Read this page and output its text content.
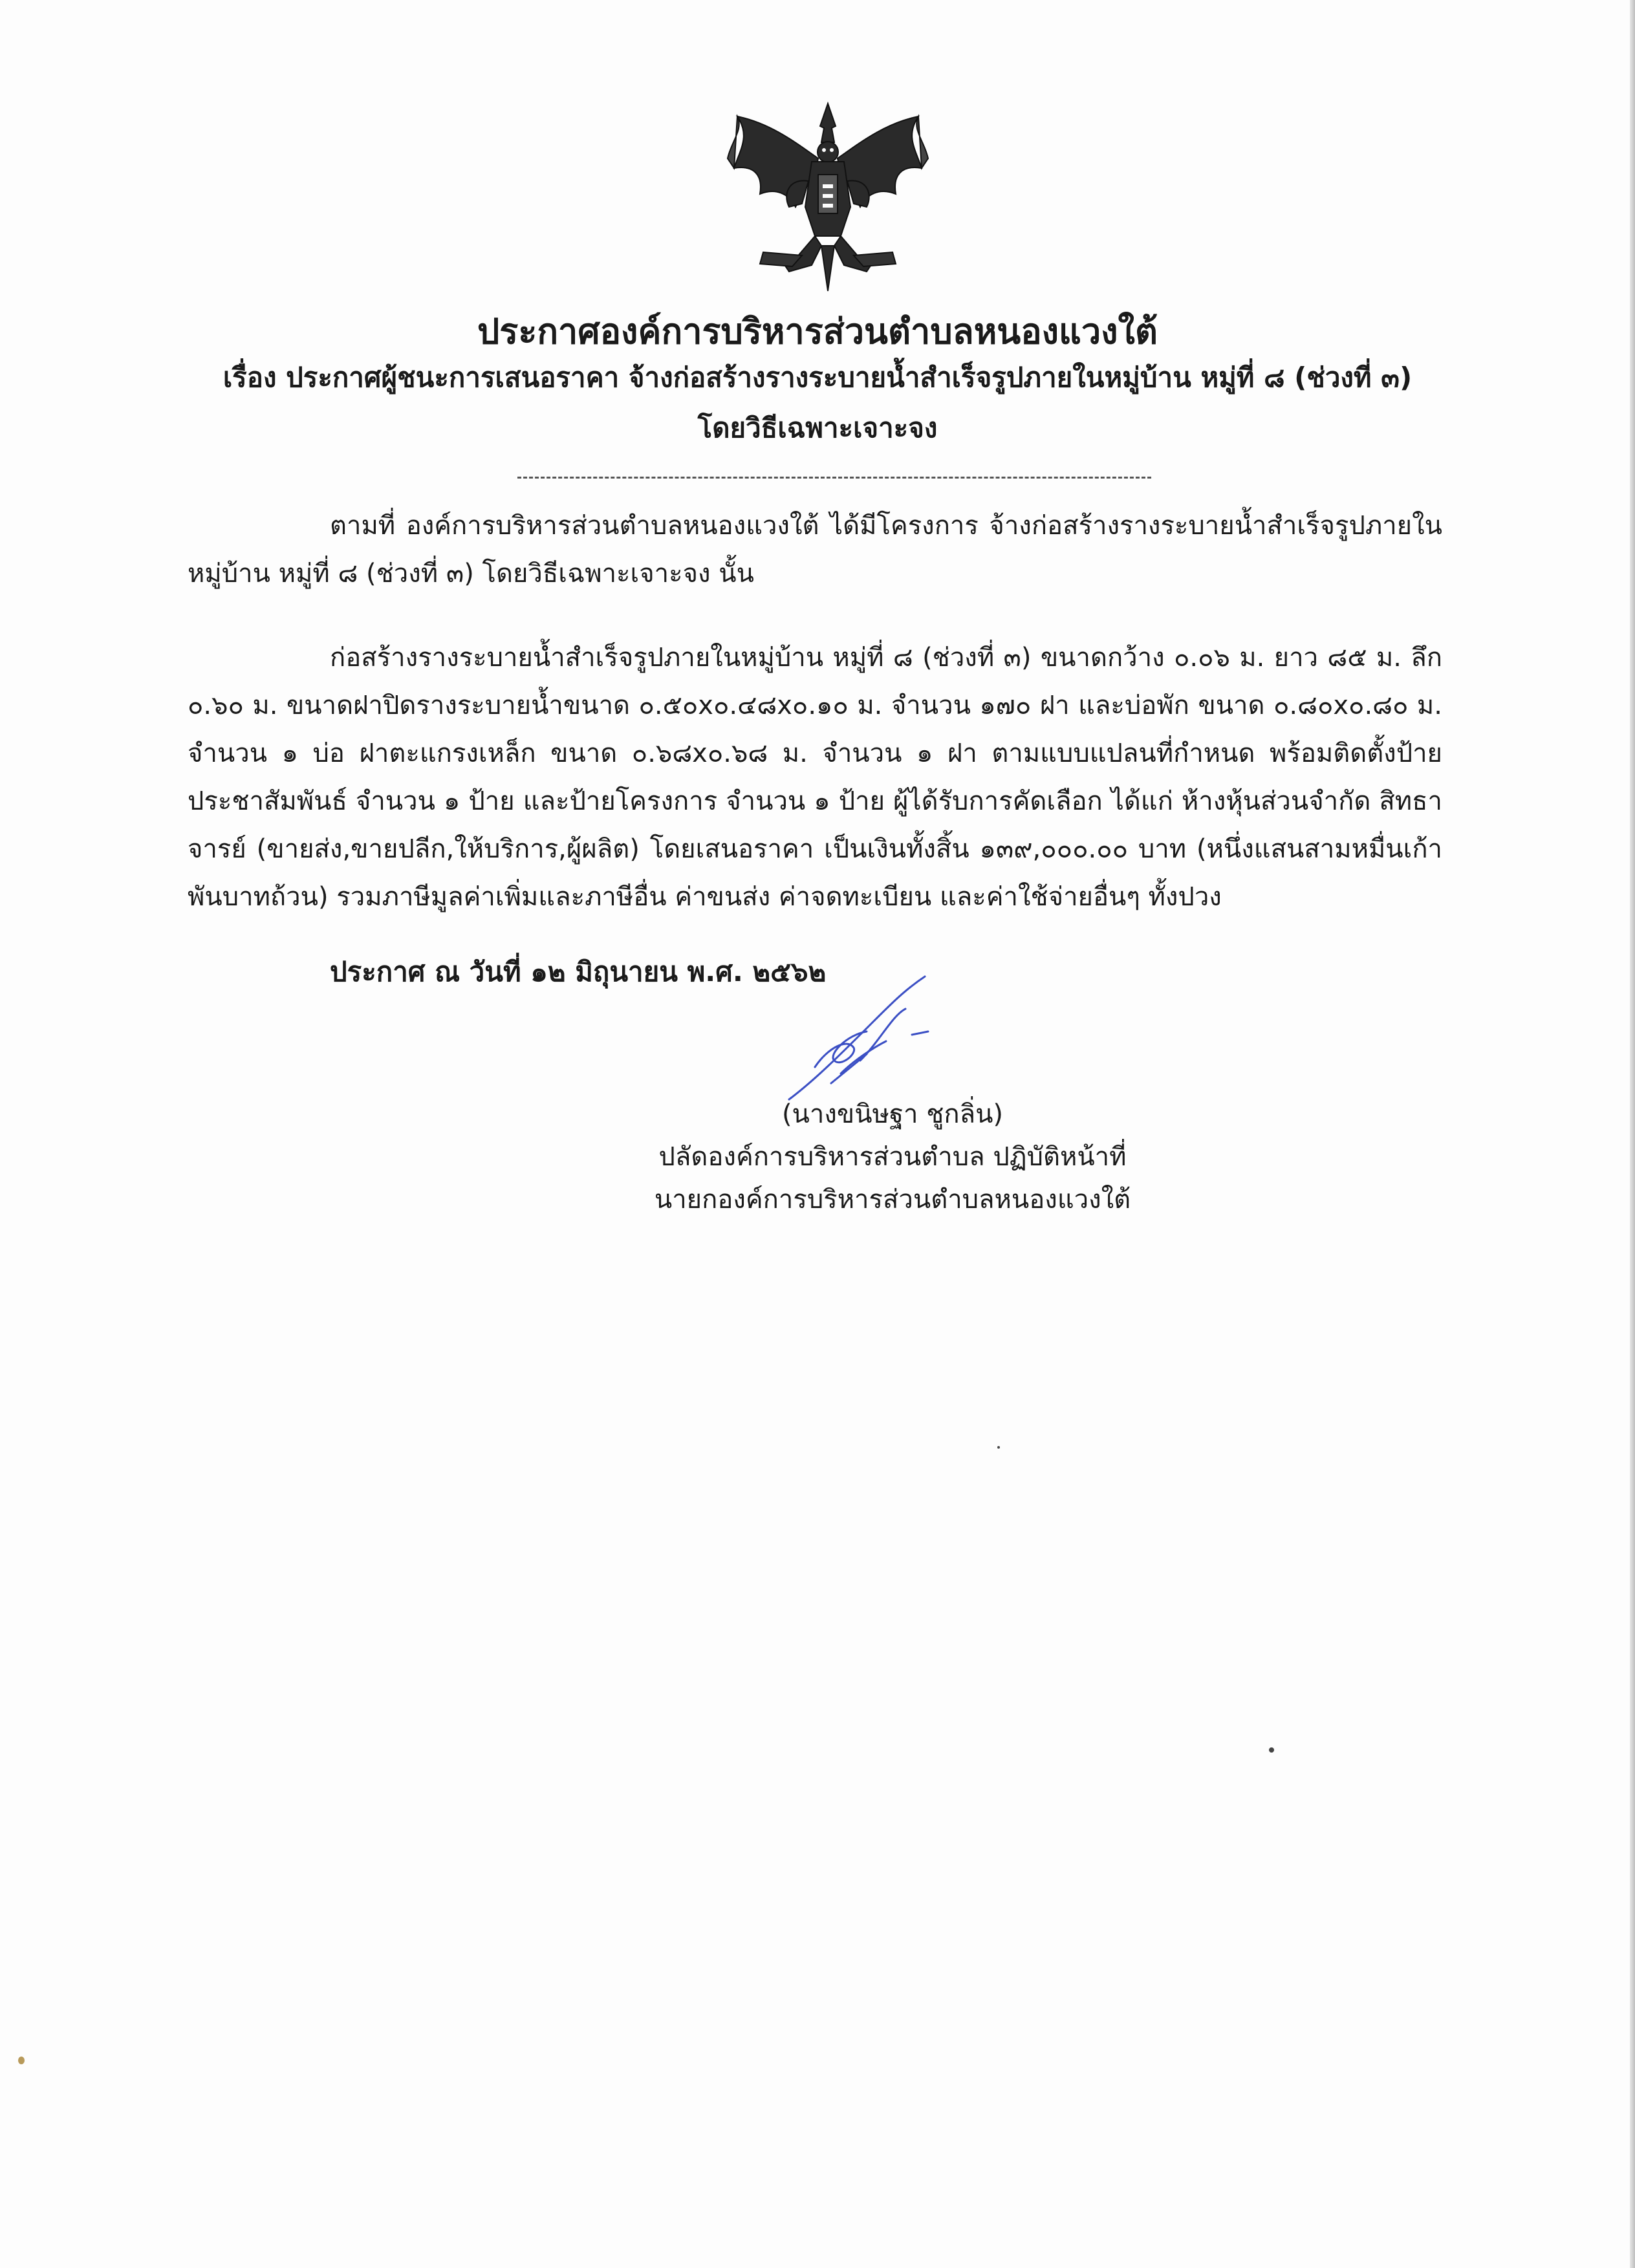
ประกาศองค์การบริหารส่วนตำบลหนองแวงใต้
เรื่อง ประกาศผู้ชนะการเสนอราคา จ้างก่อสร้างรางระบายน้ำสำเร็จรูปภายในหมู่บ้าน หมู่ที่ ๘ (ช่วงที่ ๓)
โดยวิธีเฉพาะเจาะจง

ตามที่ องค์การบริหารส่วนตำบลหนองแวงใต้ ได้มีโครงการ จ้างก่อสร้างรางระบายน้ำสำเร็จรูปภายในหมู่บ้าน หมู่ที่ ๘ (ช่วงที่ ๓) โดยวิธีเฉพาะเจาะจง นั้น

ก่อสร้างรางระบายน้ำสำเร็จรูปภายในหมู่บ้าน หมู่ที่ ๘ (ช่วงที่ ๓) ขนาดกว้าง ๐.๐๖ ม. ยาว ๘๕ ม. ลึก ๐.๖๐ ม. ขนาดฝาปิดรางระบายน้ำขนาด ๐.๕๐x๐.๔๘x๐.๑๐ ม. จำนวน ๑๗๐ ฝา และบ่อพัก ขนาด ๐.๘๐x๐.๘๐ ม. จำนวน ๑ บ่อ ฝาตะแกรงเหล็ก ขนาด ๐.๖๘x๐.๖๘ ม. จำนวน ๑ ฝา ตามแบบแปลนที่กำหนด พร้อมติดตั้งป้ายประชาสัมพันธ์ จำนวน ๑ ป้าย และป้ายโครงการ จำนวน ๑ ป้าย ผู้ได้รับการคัดเลือก ได้แก่ ห้างหุ้นส่วนจำกัด สิทธาจารย์ (ขายส่ง,ขายปลีก,ให้บริการ,ผู้ผลิต) โดยเสนอราคา เป็นเงินทั้งสิ้น ๑๓๙,๐๐๐.๐๐ บาท (หนึ่งแสนสามหมื่นเก้าพันบาทถ้วน) รวมภาษีมูลค่าเพิ่มและภาษีอื่น ค่าขนส่ง ค่าจดทะเบียน และค่าใช้จ่ายอื่นๆ ทั้งปวง

ประกาศ ณ วันที่ ๑๒ มิถุนายน พ.ศ. ๒๕๖๒
(นางขนิษฐา ชูกลิ่น)
ปลัดองค์การบริหารส่วนตำบล ปฏิบัติหน้าที่
นายกองค์การบริหารส่วนตำบลหนองแวงใต้
